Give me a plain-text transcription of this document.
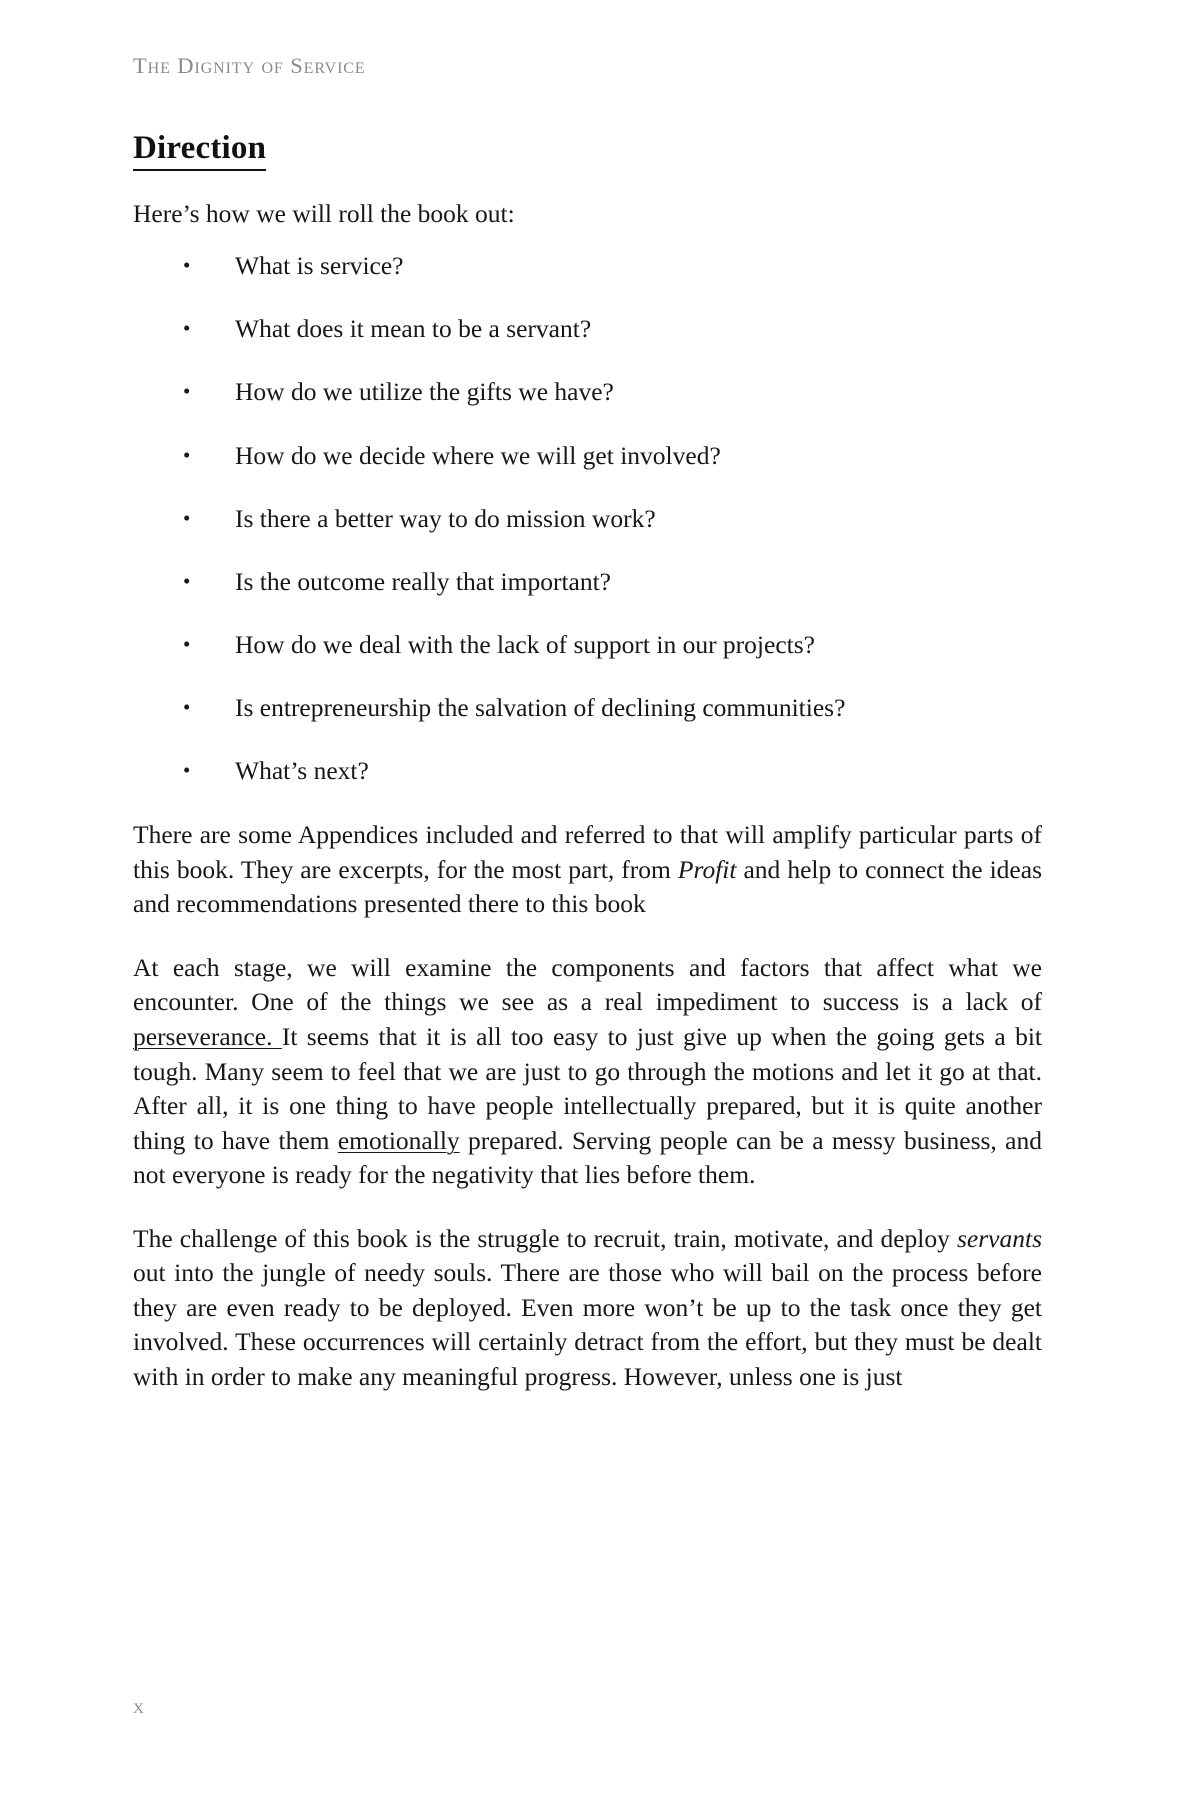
The Dignity of Service
Direction

Here’s how we will roll the book out:

• What is service?
• What does it mean to be a servant?
• How do we utilize the gifts we have?
• How do we decide where we will get involved?
• Is there a better way to do mission work?
• Is the outcome really that important?
• How do we deal with the lack of support in our projects?
• Is entrepreneurship the salvation of declining communities?
• What’s next?

There are some Appendices included and referred to that will amplify particular parts of this book. They are excerpts, for the most part, from Profit and help to connect the ideas and recommendations presented there to this book

At each stage, we will examine the components and factors that affect what we encounter. One of the things we see as a real impediment to success is a lack of perseverance. It seems that it is all too easy to just give up when the going gets a bit tough. Many seem to feel that we are just to go through the motions and let it go at that. After all, it is one thing to have people intellectually prepared, but it is quite another thing to have them emotionally prepared. Serving people can be a messy business, and not everyone is ready for the negativity that lies before them.

The challenge of this book is the struggle to recruit, train, motivate, and deploy servants out into the jungle of needy souls. There are those who will bail on the process before they are even ready to be deployed. Even more won’t be up to the task once they get involved. These occurrences will certainly detract from the effort, but they must be dealt with in order to make any meaningful progress. However, unless one is just

x
